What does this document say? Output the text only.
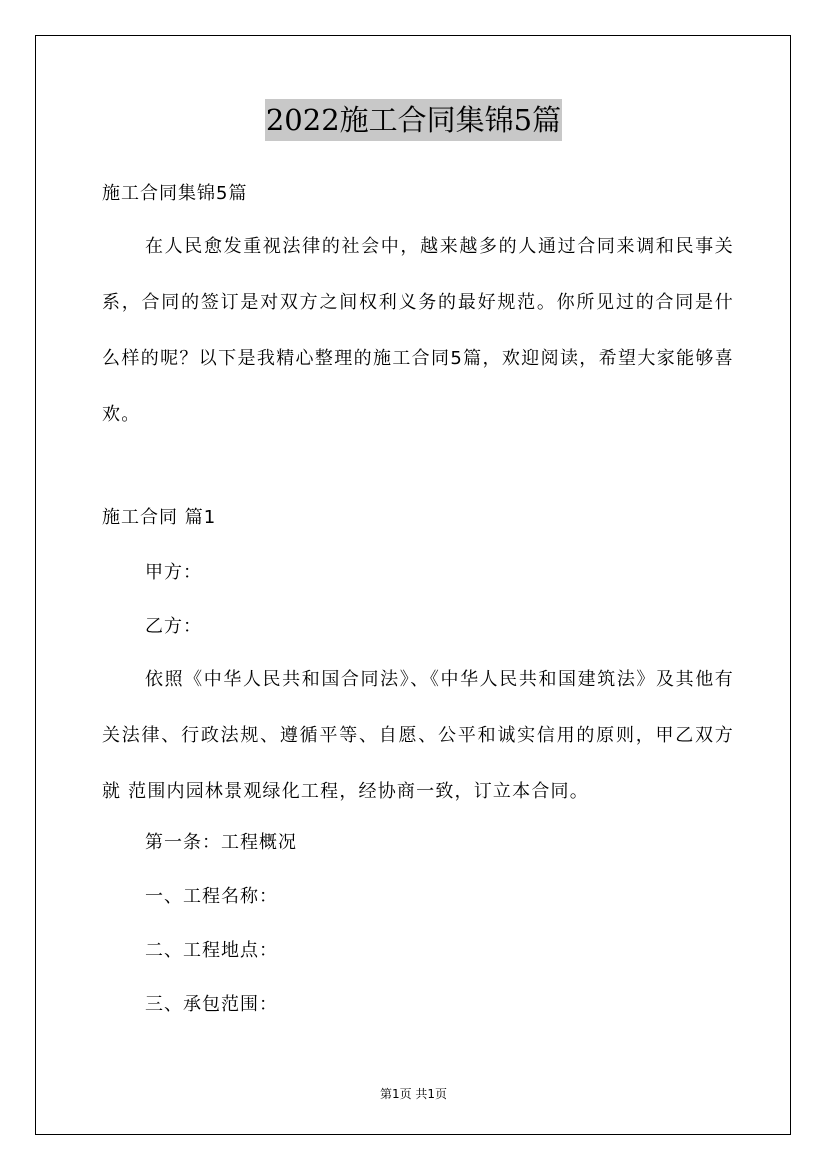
2022施工合同集锦5篇
施工合同集锦5篇
在人民愈发重视法律的社会中，越来越多的人通过合同来调和民事关系，合同的签订是对双方之间权利义务的最好规范。你所见过的合同是什么样的呢？以下是我精心整理的施工合同5篇，欢迎阅读，希望大家能够喜欢。
施工合同 篇1
甲方：
乙方：
依照《中华人民共和国合同法》、《中华人民共和国建筑法》及其他有关法律、行政法规、遵循平等、自愿、公平和诚实信用的原则，甲乙双方就 范围内园林景观绿化工程，经协商一致，订立本合同。
第一条：工程概况
一、工程名称：
二、工程地点：
三、承包范围：
第1页 共1页
